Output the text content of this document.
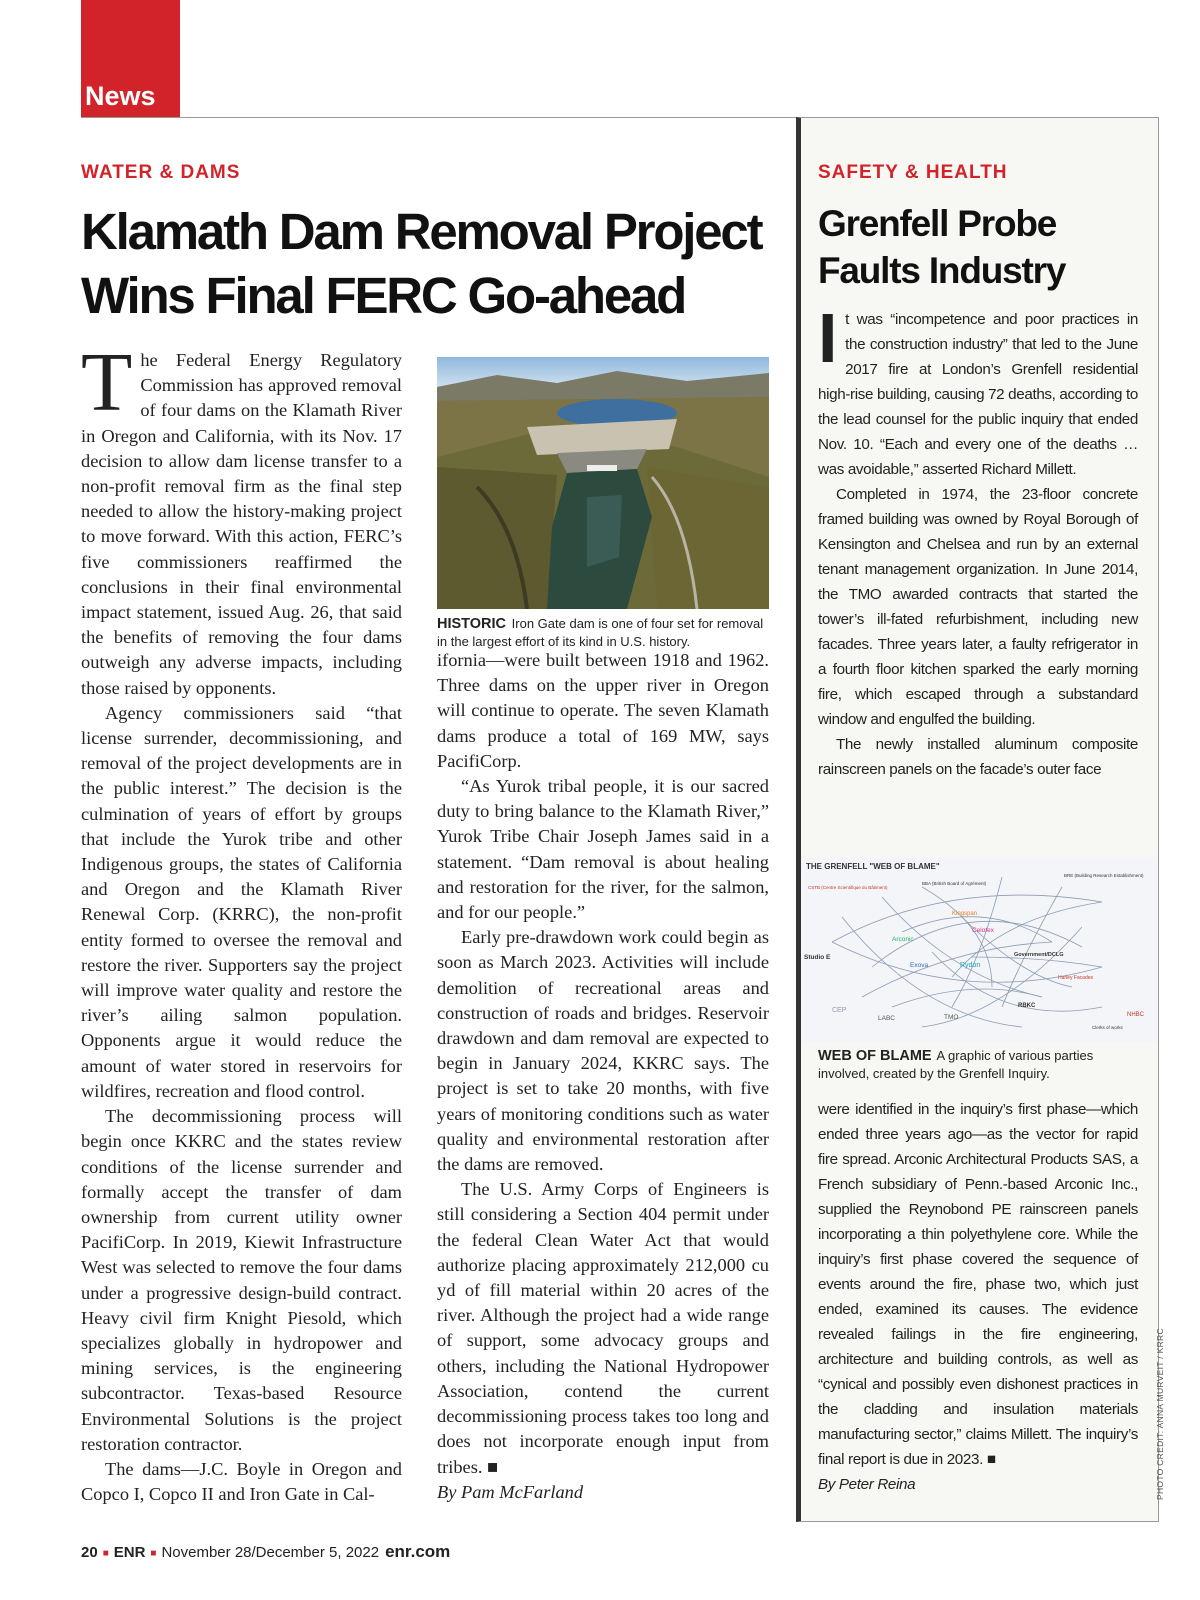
News
WATER & DAMS
Klamath Dam Removal Project
Wins Final FERC Go-ahead

The Federal Energy Regulatory Commission has approved removal of four dams on the Klamath River in Oregon and California, with its Nov. 17 decision to allow dam license transfer to a non-profit removal firm as the final step needed to allow the history-making project to move forward. With this action, FERC’s five commissioners reaffirmed the conclusions in their final environmental impact statement, issued Aug. 26, that said the benefits of removing the four dams outweigh any adverse impacts, including those raised by opponents.

Agency commissioners said “that license surrender, decommissioning, and removal of the project developments are in the public interest.” The decision is the culmination of years of effort by groups that include the Yurok tribe and other Indigenous groups, the states of California and Oregon and the Klamath River Renewal Corp. (KRRC), the non-profit entity formed to oversee the removal and restore the river. Supporters say the project will improve water quality and restore the river’s ailing salmon population. Opponents argue it would reduce the amount of water stored in reservoirs for wildfires, recreation and flood control.

The decommissioning process will begin once KKRC and the states review conditions of the license surrender and formally accept the transfer of dam ownership from current utility owner PacifiCorp. In 2019, Kiewit Infrastructure West was selected to remove the four dams under a progressive design-build contract. Heavy civil firm Knight Piesold, which specializes globally in hydropower and mining services, is the engineering subcontractor. Texas-based Resource Environmental Solutions is the project restoration contractor.

The dams—J.C. Boyle in Oregon and Copco I, Copco II and Iron Gate in Cal-

HISTORIC Iron Gate dam is one of four set for removal in the largest effort of its kind in U.S. history.

ifornia—were built between 1918 and 1962. Three dams on the upper river in Oregon will continue to operate. The seven Klamath dams produce a total of 169 MW, says PacifiCorp.

“As Yurok tribal people, it is our sacred duty to bring balance to the Klamath River,” Yurok Tribe Chair Joseph James said in a statement. “Dam removal is about healing and restoration for the river, for the salmon, and for our people.”

Early pre-drawdown work could begin as soon as March 2023. Activities will include demolition of recreational areas and construction of roads and bridges. Reservoir drawdown and dam removal are expected to begin in January 2024, KKRC says. The project is set to take 20 months, with five years of monitoring conditions such as water quality and environmental restoration after the dams are removed.

The U.S. Army Corps of Engineers is still considering a Section 404 permit under the federal Clean Water Act that would authorize placing approximately 212,000 cu yd of fill material within 20 acres of the river. Although the project had a wide range of support, some advocacy groups and others, including the National Hydropower Association, contend the current decommissioning process takes too long and does not incorporate enough input from tribes. ■

By Pam McFarland

SAFETY & HEALTH
Grenfell Probe
Faults Industry

It was “incompetence and poor practices in the construction industry” that led to the June 2017 fire at London’s Grenfell residential high-rise building, causing 72 deaths, according to the lead counsel for the public inquiry that ended Nov. 10. “Each and every one of the deaths … was avoidable,” asserted Richard Millett.

Completed in 1974, the 23-floor concrete framed building was owned by Royal Borough of Kensington and Chelsea and run by an external tenant management organization. In June 2014, the TMO awarded contracts that started the tower’s ill-fated refurbishment, including new facades. Three years later, a faulty refrigerator in a fourth floor kitchen sparked the early morning fire, which escaped through a substandard window and engulfed the building.

The newly installed aluminum composite rainscreen panels on the facade’s outer face

THE GRENFELL "WEB OF BLAME"
CSTB (Centre Scientifique du Bâtiment)
BBA (British Board of Agrément)
BRE (Building Research Establishment)
Kingspan
Celotex
Arconic
Studio E
Exova	Rydon
Government/DCLG
Harley Facades
RBKC
CEP
LABC	TMO	NHBC
Clerks of works
WEB OF BLAME A graphic of various parties involved, created by the Grenfell Inquiry.

were identified in the inquiry’s first phase—which ended three years ago—as the vector for rapid fire spread. Arconic Architectural Products SAS, a French subsidiary of Penn.-based Arconic Inc., supplied the Reynobond PE rainscreen panels incorporating a thin polyethylene core. While the inquiry’s first phase covered the sequence of events around the fire, phase two, which just ended, examined its causes. The evidence revealed failings in the fire engineering, architecture and building controls, as well as “cynical and possibly even dishonest practices in the cladding and insulation materials manufacturing sector,” claims Millett. The inquiry’s final report is due in 2023. ■

By Peter Reina	PHOTO CREDIT: ANNA MURVEIT / KRRC
20 ■ ENR ■ November 28/December 5, 2022 enr.com
